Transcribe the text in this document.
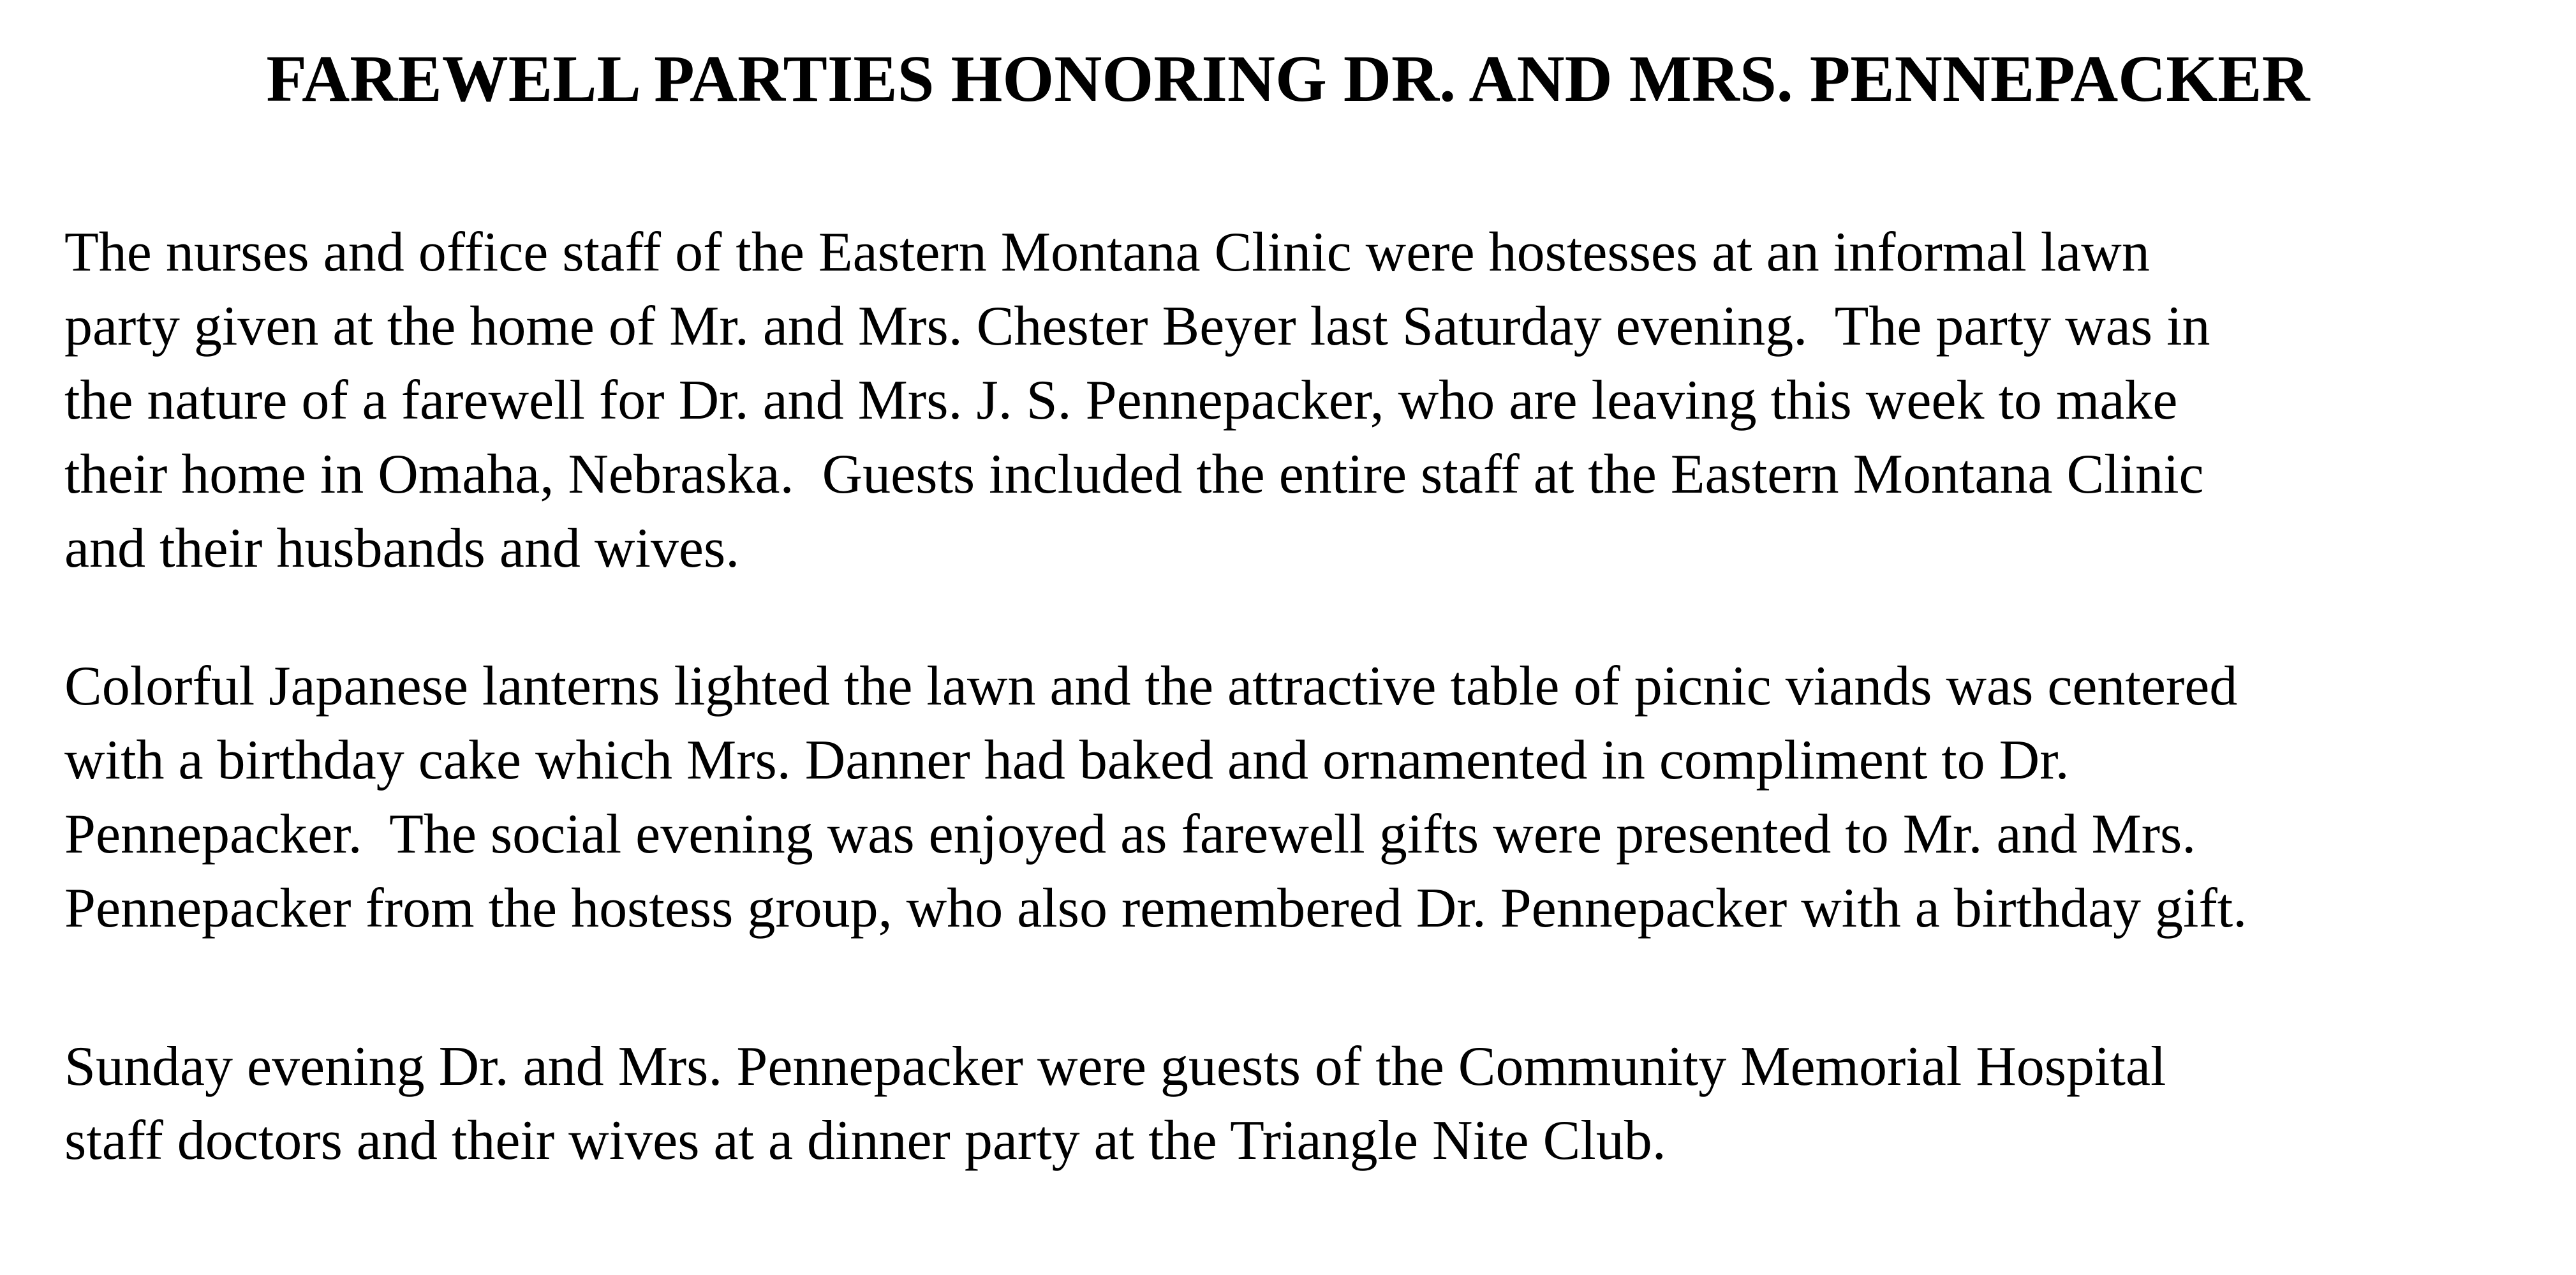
FAREWELL PARTIES HONORING DR. AND MRS. PENNEPACKER

The nurses and office staff of the Eastern Montana Clinic were hostesses at an informal lawn
party given at the home of Mr. and Mrs. Chester Beyer last Saturday evening.  The party was in
the nature of a farewell for Dr. and Mrs. J. S. Pennepacker, who are leaving this week to make
their home in Omaha, Nebraska.  Guests included the entire staff at the Eastern Montana Clinic
and their husbands and wives.

Colorful Japanese lanterns lighted the lawn and the attractive table of picnic viands was centered
with a birthday cake which Mrs. Danner had baked and ornamented in compliment to Dr.
Pennepacker.  The social evening was enjoyed as farewell gifts were presented to Mr. and Mrs.
Pennepacker from the hostess group, who also remembered Dr. Pennepacker with a birthday gift.

Sunday evening Dr. and Mrs. Pennepacker were guests of the Community Memorial Hospital
staff doctors and their wives at a dinner party at the Triangle Nite Club.
